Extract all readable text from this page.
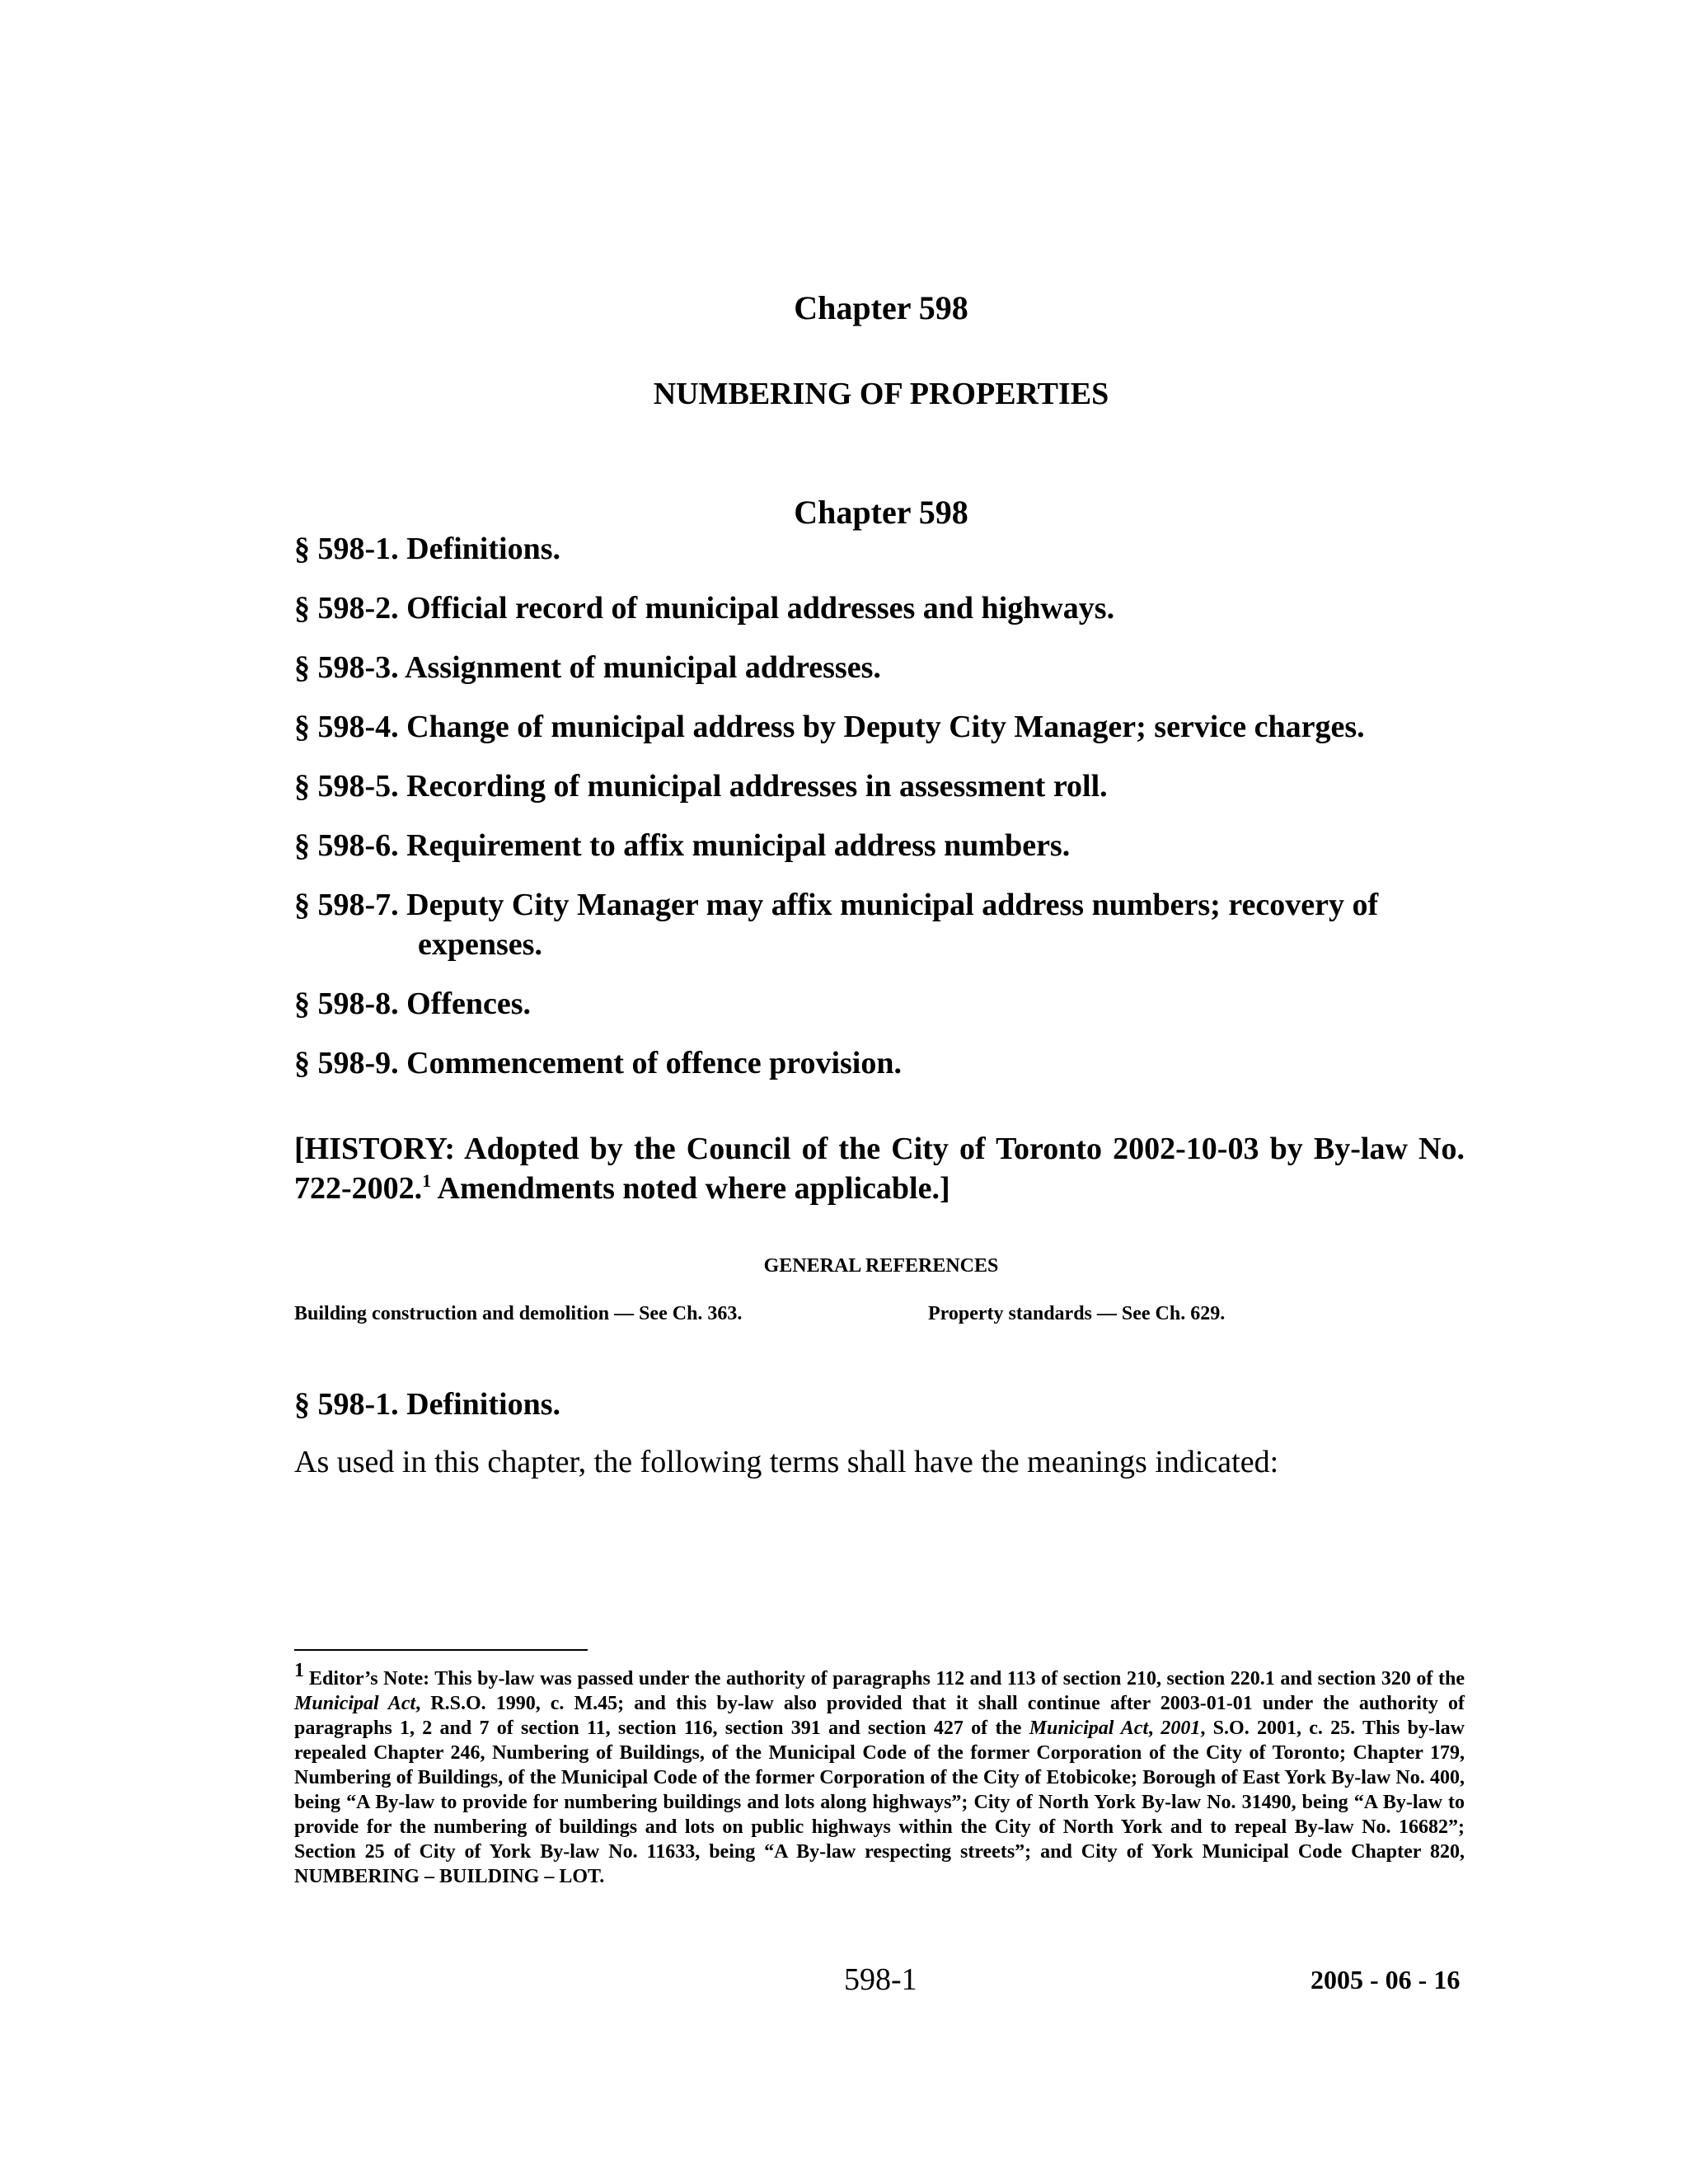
Chapter 598
NUMBERING OF PROPERTIES
Chapter 598
§ 598-1. Definitions.
§ 598-2. Official record of municipal addresses and highways.
§ 598-3. Assignment of municipal addresses.
§ 598-4. Change of municipal address by Deputy City Manager; service charges.
§ 598-5. Recording of municipal addresses in assessment roll.
§ 598-6. Requirement to affix municipal address numbers.
§ 598-7. Deputy City Manager may affix municipal address numbers; recovery of expenses.
§ 598-8. Offences.
§ 598-9. Commencement of offence provision.
[HISTORY: Adopted by the Council of the City of Toronto 2002-10-03 by By-law No. 722-2002.$^1$ Amendments noted where applicable.]
GENERAL REFERENCES
Building construction and demolition — See Ch. 363.	Property standards — See Ch. 629.
§ 598-1. Definitions.
As used in this chapter, the following terms shall have the meanings indicated:
$^1$ Editor’s Note: This by-law was passed under the authority of paragraphs 112 and 113 of section 210, section 220.1 and section 320 of the Municipal Act, R.S.O. 1990, c. M.45; and this by-law also provided that it shall continue after 2003-01-01 under the authority of paragraphs 1, 2 and 7 of section 11, section 116, section 391 and section 427 of the Municipal Act, 2001, S.O. 2001, c. 25. This by-law repealed Chapter 246, Numbering of Buildings, of the Municipal Code of the former Corporation of the City of Toronto; Chapter 179, Numbering of Buildings, of the Municipal Code of the former Corporation of the City of Etobicoke; Borough of East York By-law No. 400, being “A By-law to provide for numbering buildings and lots along highways”; City of North York By-law No. 31490, being “A By-law to provide for the numbering of buildings and lots on public highways within the City of North York and to repeal By-law No. 16682”; Section 25 of City of York By-law No. 11633, being “A By-law respecting streets”; and City of York Municipal Code Chapter 820, NUMBERING – BUILDING – LOT.
598-1	2005 - 06 - 16
